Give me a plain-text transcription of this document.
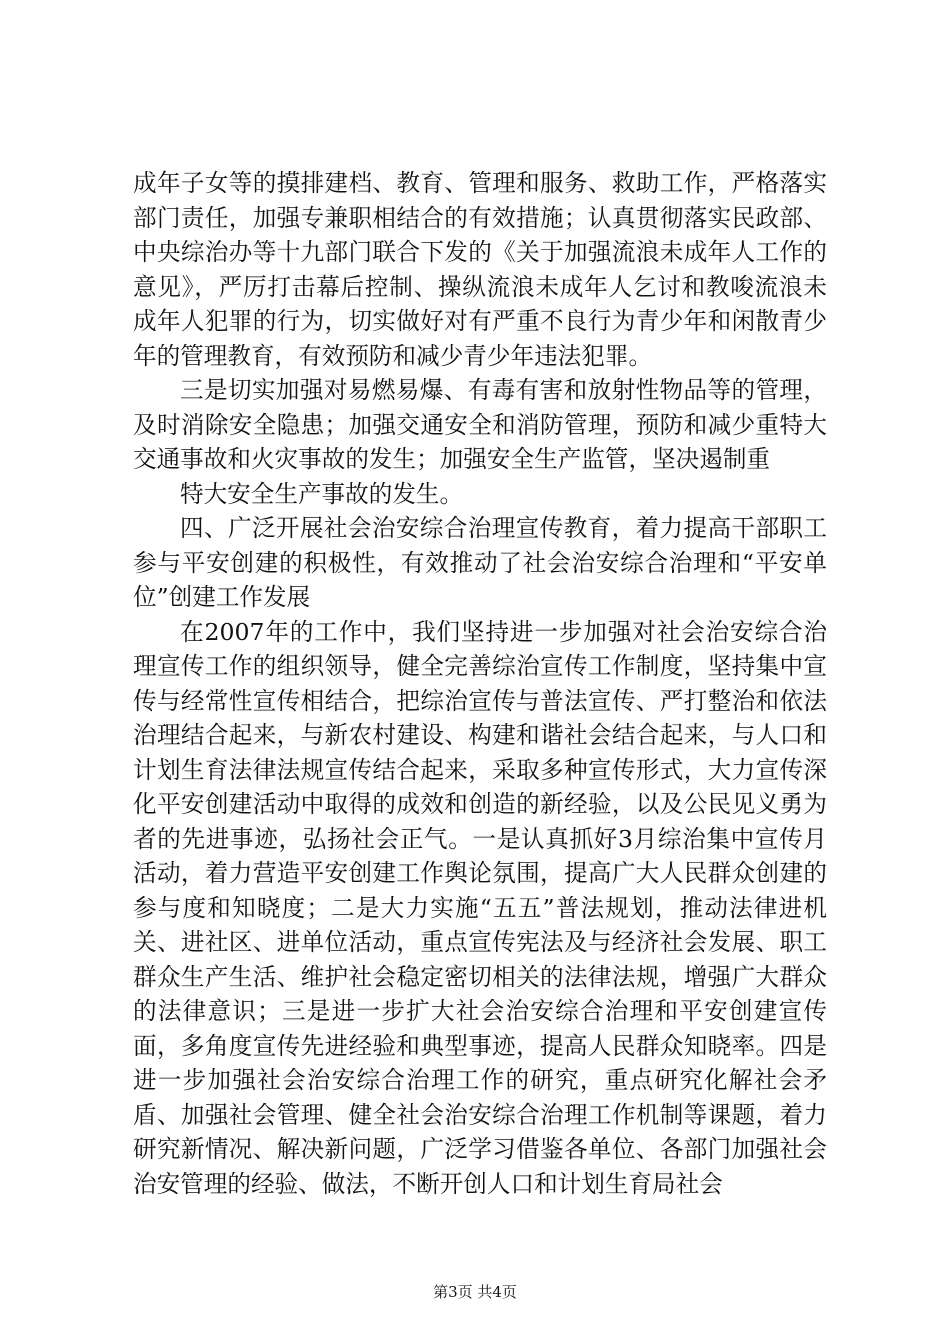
成年子女等的摸排建档、教育、管理和服务、救助工作，严格落实部门责任，加强专兼职相结合的有效措施；认真贯彻落实民政部、中央综治办等十九部门联合下发的《关于加强流浪未成年人工作的意见》，严厉打击幕后控制、操纵流浪未成年人乞讨和教唆流浪未成年人犯罪的行为，切实做好对有严重不良行为青少年和闲散青少年的管理教育，有效预防和减少青少年违法犯罪。

三是切实加强对易燃易爆、有毒有害和放射性物品等的管理，及时消除安全隐患；加强交通安全和消防管理，预防和减少重特大交通事故和火灾事故的发生；加强安全生产监管，坚决遏制重

特大安全生产事故的发生。

四、广泛开展社会治安综合治理宣传教育，着力提高干部职工参与平安创建的积极性，有效推动了社会治安综合治理和“平安单位”创建工作发展

在2007年的工作中，我们坚持进一步加强对社会治安综合治理宣传工作的组织领导，健全完善综治宣传工作制度，坚持集中宣传与经常性宣传相结合，把综治宣传与普法宣传、严打整治和依法治理结合起来，与新农村建设、构建和谐社会结合起来，与人口和计划生育法律法规宣传结合起来，采取多种宣传形式，大力宣传深化平安创建活动中取得的成效和创造的新经验，以及公民见义勇为者的先进事迹，弘扬社会正气。一是认真抓好3月综治集中宣传月活动，着力营造平安创建工作舆论氛围，提高广大人民群众创建的参与度和知晓度；二是大力实施“五五”普法规划，推动法律进机关、进社区、进单位活动，重点宣传宪法及与经济社会发展、职工群众生产生活、维护社会稳定密切相关的法律法规，增强广大群众的法律意识；三是进一步扩大社会治安综合治理和平安创建宣传面，多角度宣传先进经验和典型事迹，提高人民群众知晓率。四是进一步加强社会治安综合治理工作的研究，重点研究化解社会矛盾、加强社会管理、健全社会治安综合治理工作机制等课题，着力研究新情况、解决新问题，广泛学习借鉴各单位、各部门加强社会治安管理的经验、做法，不断开创人口和计划生育局社会

第3页 共4页
